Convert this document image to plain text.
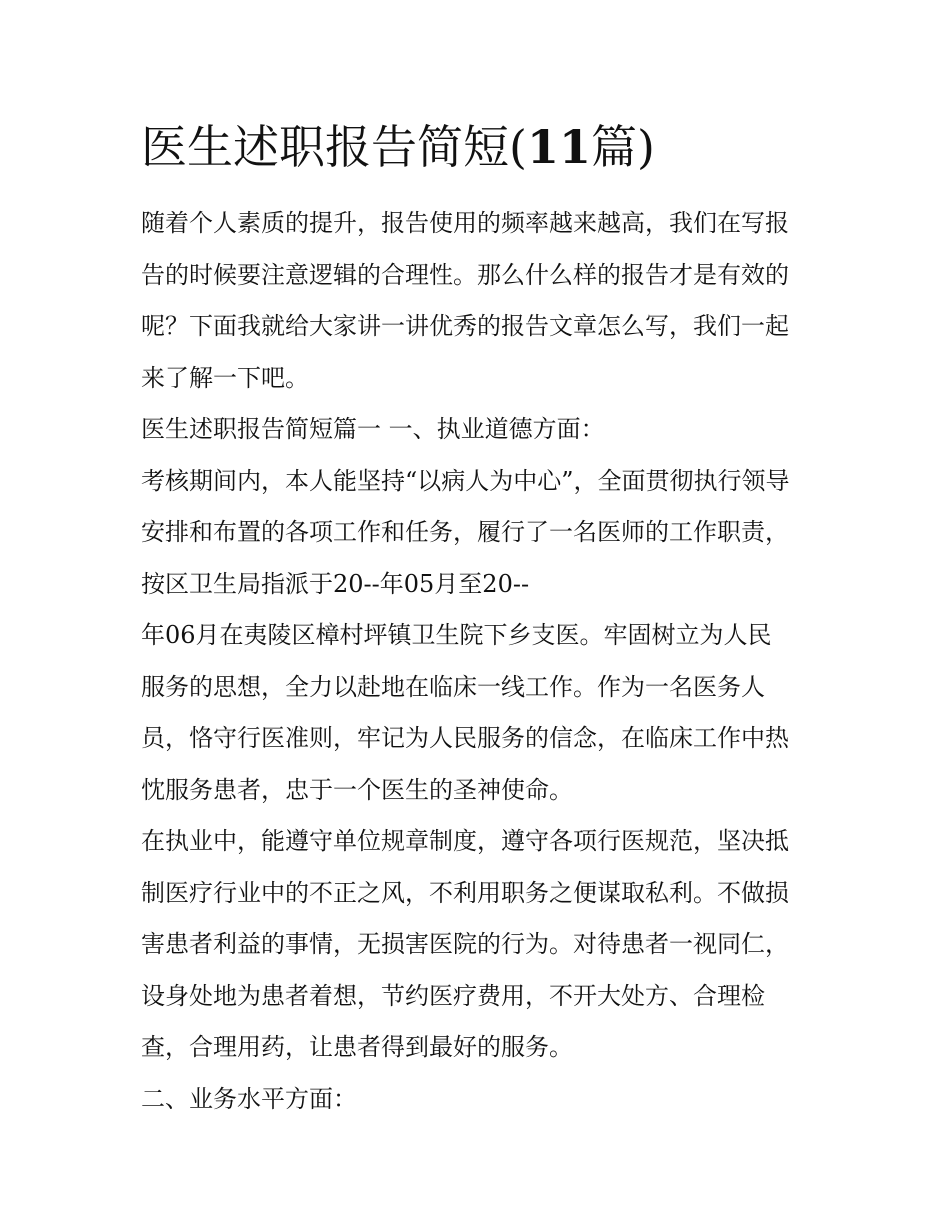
医生述职报告简短(11篇)
随着个人素质的提升，报告使用的频率越来越高，我们在写报
告的时候要注意逻辑的合理性。那么什么样的报告才是有效的
呢？下面我就给大家讲一讲优秀的报告文章怎么写，我们一起
来了解一下吧。
医生述职报告简短篇一 一、执业道德方面：
考核期间内，本人能坚持“以病人为中心”，全面贯彻执行领导
安排和布置的各项工作和任务，履行了一名医师的工作职责，
按区卫生局指派于20--年05月至20--
年06月在夷陵区樟村坪镇卫生院下乡支医。牢固树立为人民
服务的思想，全力以赴地在临床一线工作。作为一名医务人
员，恪守行医准则，牢记为人民服务的信念，在临床工作中热
忱服务患者，忠于一个医生的圣神使命。
在执业中，能遵守单位规章制度，遵守各项行医规范，坚决抵
制医疗行业中的不正之风，不利用职务之便谋取私利。不做损
害患者利益的事情，无损害医院的行为。对待患者一视同仁，
设身处地为患者着想，节约医疗费用，不开大处方、合理检
查，合理用药，让患者得到最好的服务。
二、业务水平方面：
